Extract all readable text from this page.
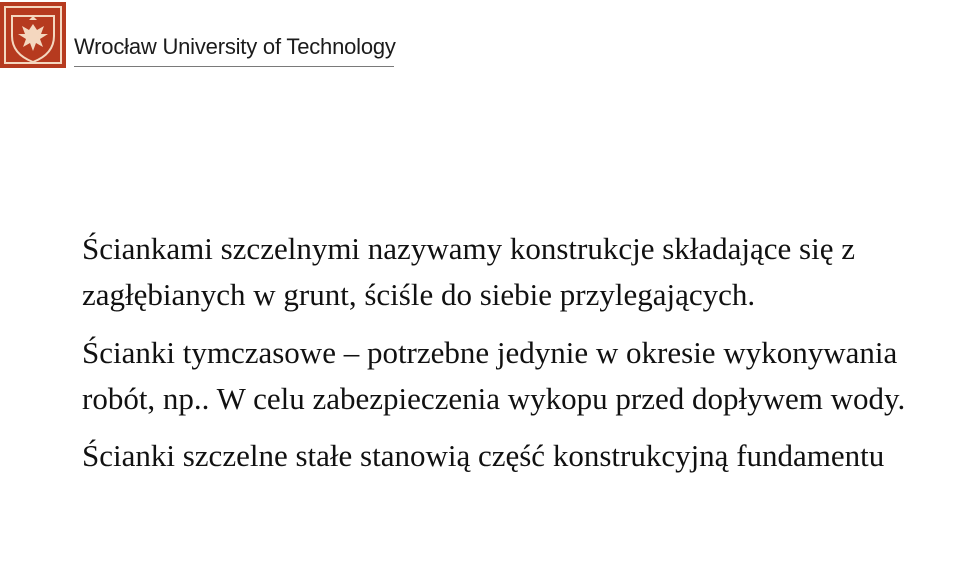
Wrocław University of Technology

Ściankami szczelnymi nazywamy konstrukcje składające się z zagłębianych w grunt, ściśle do siebie przylegających.

Ścianki tymczasowe – potrzebne jedynie w okresie wykonywania robót, np.. W celu zabezpieczenia wykopu przed dopływem wody.

Ścianki szczelne stałe stanowią część konstrukcyjną fundamentu
